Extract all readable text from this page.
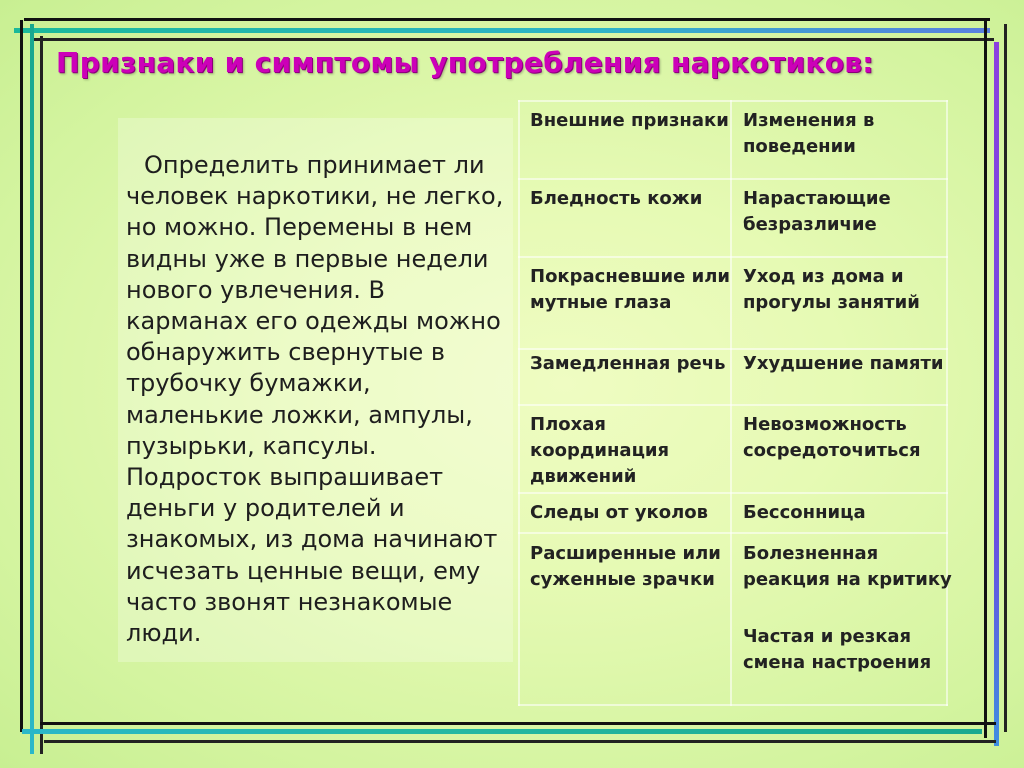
Признаки и симптомы употребления наркотиков:

Определить принимает ли человек наркотики, не легко, но можно. Перемены в нем видны уже в первые недели нового увлечения. В карманах его одежды можно обнаружить свернутые в трубочку бумажки, маленькие ложки, ампулы, пузырьки, капсулы. Подросток выпрашивает деньги у родителей и знакомых, из дома начинают исчезать ценные вещи, ему часто звонят незнакомые люди.

Внешние признаки Изменения в поведении
Бледность кожи	Нарастающие безразличие
Покрасневшие или мутные глаза
Уход из дома и прогулы занятий
Замедленная речь Ухудшение памяти
Плохая координация движений
Невозможность сосредоточиться
Следы от уколов	Бессонница
Расширенные или суженные зрачки
Болезненная реакция на критику
Частая и резкая смена настроения
